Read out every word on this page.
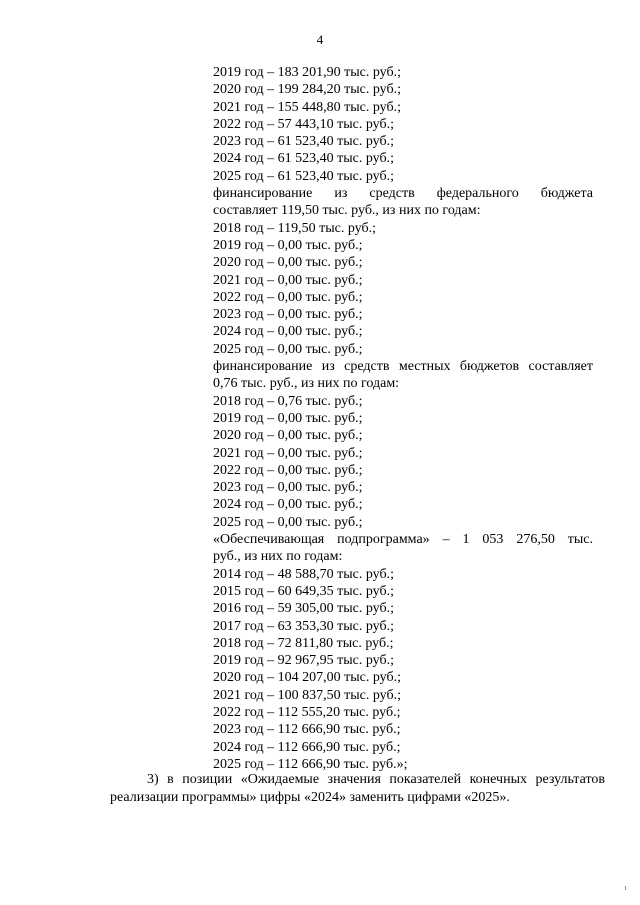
4
2019 год – 183 201,90 тыс. руб.;
2020 год – 199 284,20 тыс. руб.;
2021 год – 155 448,80 тыс. руб.;
2022 год – 57 443,10 тыс. руб.;
2023 год – 61 523,40 тыс. руб.;
2024 год – 61 523,40 тыс. руб.;
2025 год – 61 523,40 тыс. руб.;
финансирование из средств федерального бюджета
составляет 119,50 тыс. руб., из них по годам:
2018 год – 119,50 тыс. руб.;
2019 год – 0,00 тыс. руб.;
2020 год – 0,00 тыс. руб.;
2021 год – 0,00 тыс. руб.;
2022 год – 0,00 тыс. руб.;
2023 год – 0,00 тыс. руб.;
2024 год – 0,00 тыс. руб.;
2025 год – 0,00 тыс. руб.;
финансирование из средств местных бюджетов составляет
0,76 тыс. руб., из них по годам:
2018 год – 0,76 тыс. руб.;
2019 год – 0,00 тыс. руб.;
2020 год – 0,00 тыс. руб.;
2021 год – 0,00 тыс. руб.;
2022 год – 0,00 тыс. руб.;
2023 год – 0,00 тыс. руб.;
2024 год – 0,00 тыс. руб.;
2025 год – 0,00 тыс. руб.;
«Обеспечивающая подпрограмма» – 1 053 276,50 тыс.
руб., из них по годам:
2014 год – 48 588,70 тыс. руб.;
2015 год – 60 649,35 тыс. руб.;
2016 год – 59 305,00 тыс. руб.;
2017 год – 63 353,30 тыс. руб.;
2018 год – 72 811,80 тыс. руб.;
2019 год – 92 967,95 тыс. руб.;
2020 год – 104 207,00 тыс. руб.;
2021 год – 100 837,50 тыс. руб.;
2022 год – 112 555,20 тыс. руб.;
2023 год – 112 666,90 тыс. руб.;
2024 год – 112 666,90 тыс. руб.;
2025 год – 112 666,90 тыс. руб.»;

3) в позиции «Ожидаемые значения показателей конечных результатов

реализации программы» цифры «2024» заменить цифрами «2025».

1
